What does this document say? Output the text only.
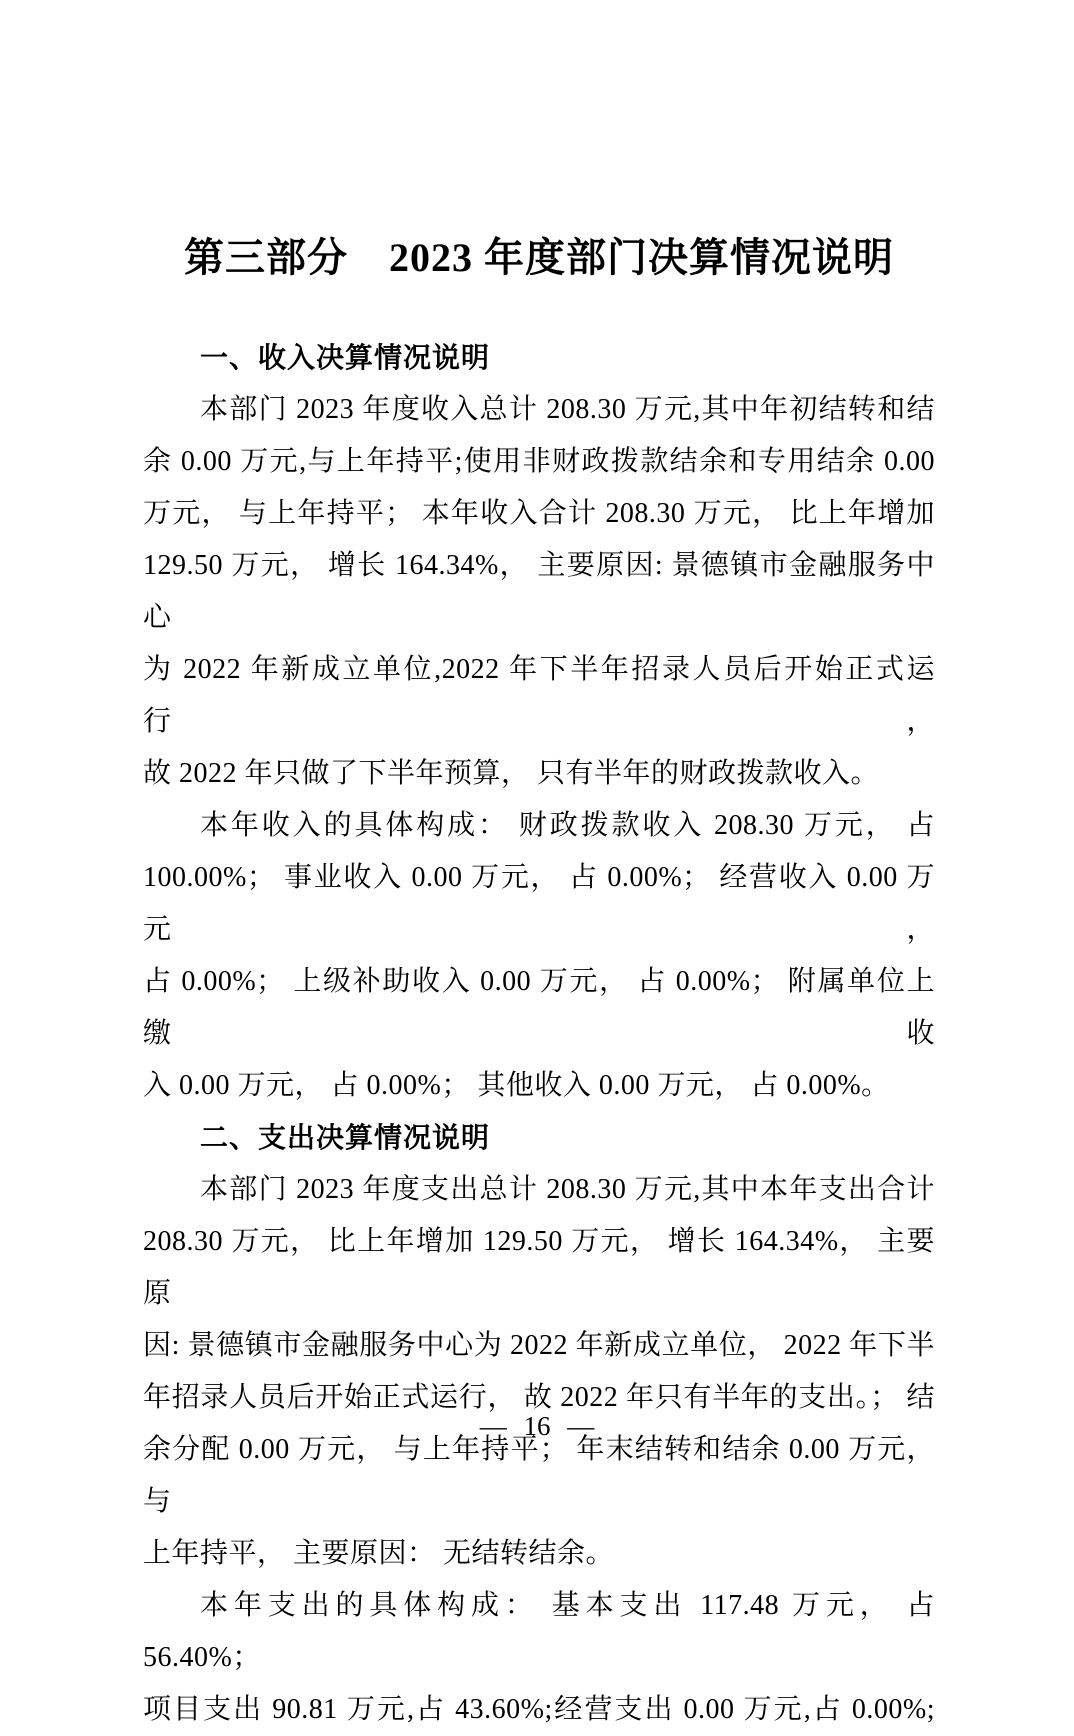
第三部分　2023 年度部门决算情况说明
一、收入决算情况说明
本部门 2023 年度收入总计 208.30 万元,其中年初结转和结
余 0.00 万元,与上年持平;使用非财政拨款结余和专用结余 0.00
万元， 与上年持平； 本年收入合计 208.30 万元， 比上年增加
129.50 万元， 增长 164.34%， 主要原因: 景德镇市金融服务中心
为 2022 年新成立单位,2022 年下半年招录人员后开始正式运行，
故 2022 年只做了下半年预算， 只有半年的财政拨款收入。
本年收入的具体构成： 财政拨款收入 208.30 万元， 占
100.00%； 事业收入 0.00 万元， 占 0.00%； 经营收入 0.00 万元，
占 0.00%； 上级补助收入 0.00 万元， 占 0.00%； 附属单位上缴收
入 0.00 万元， 占 0.00%； 其他收入 0.00 万元， 占 0.00%。
二、支出决算情况说明
本部门 2023 年度支出总计 208.30 万元,其中本年支出合计
208.30 万元， 比上年增加 129.50 万元， 增长 164.34%， 主要原
因: 景德镇市金融服务中心为 2022 年新成立单位， 2022 年下半
年招录人员后开始正式运行， 故 2022 年只有半年的支出。； 结
余分配 0.00 万元， 与上年持平； 年末结转和结余 0.00 万元， 与
上年持平， 主要原因： 无结转结余。
本年支出的具体构成： 基本支出 117.48 万元， 占 56.40%；
项目支出 90.81 万元,占 43.60%;经营支出 0.00 万元,占 0.00%;
— 16 —
